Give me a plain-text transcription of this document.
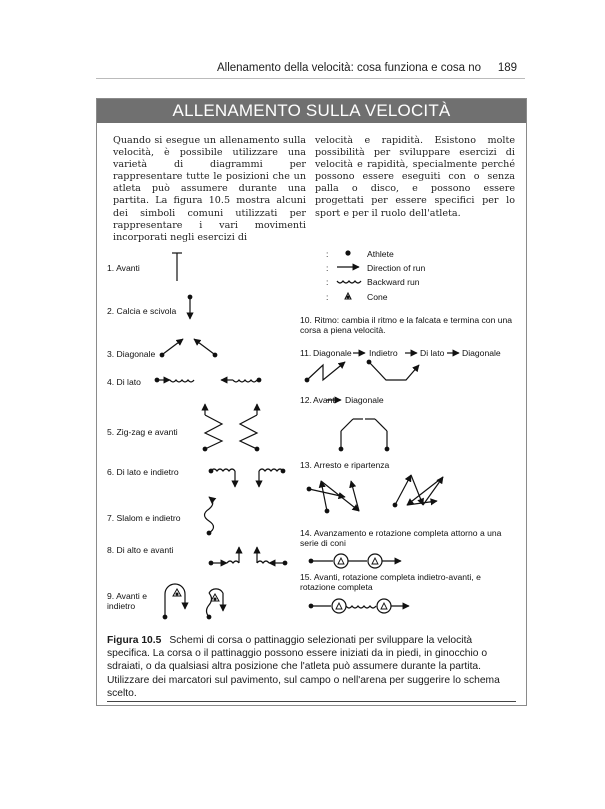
Allenamento della velocità: cosa funziona e cosa no 189
ALLENAMENTO SULLA VELOCITÀ
Quando si esegue un allenamento sulla velocità, è possibile utilizzare una varietà di diagrammi per rappresentare tutte le posizioni che un atleta può assumere durante una partita. La figura 10.5 mostra alcuni dei simboli comuni utilizzati per rappresentare i vari movimenti incorporati negli esercizi di
velocità e rapidità. Esistono molte possibilità per sviluppare esercizi di velocità e rapidità, specialmente perché possono essere eseguiti con o senza palla o disco, e possono essere progettati per essere specifici per lo sport e per il ruolo dell'atleta.
1. Avanti
2. Calcia e scivola
3. Diagonale
4. Di lato
5. Zig-zag e avanti
6. Di lato e indietro
7. Slalom e indietro
8. Di alto e avanti
9. Avanti e indietro
:
:
:
:
Athlete
Direction of run
Backward run
Cone
10. Ritmo: cambia il ritmo e la falcata e termina con una corsa a piena velocità.
11. Diagonale Indietro	Di lato Diagonale
12. Avanti Diagonale
13. Arresto e ripartenza
14. Avanzamento e rotazione completa attorno a una serie di coni
15. Avanti, rotazione completa indietro-avanti, e rotazione completa
Figura 10.5 Schemi di corsa o pattinaggio selezionati per sviluppare la velocità specifica. La corsa o il pattinaggio possono essere iniziati da in piedi, in ginocchio o sdraiati, o da qualsiasi altra posizione che l'atleta può assumere durante la partita. Utilizzare dei marcatori sul pavimento, sul campo o nell'arena per suggerire lo schema scelto.
